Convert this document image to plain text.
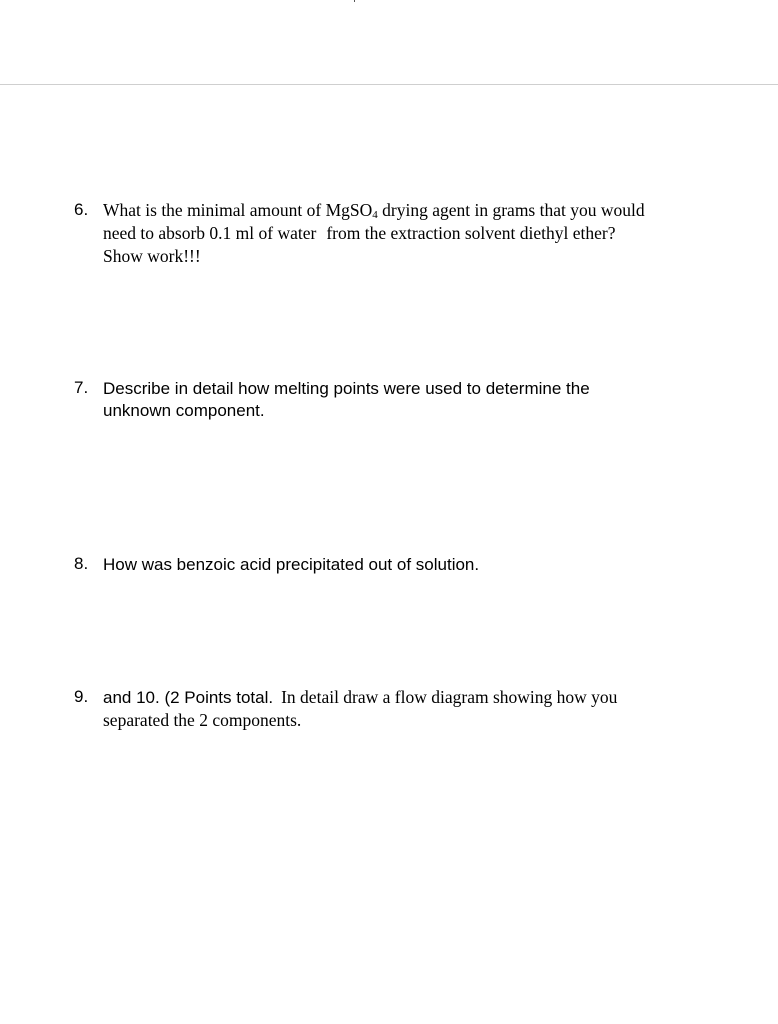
6. What is the minimal amount of MgSO$_4$ drying agent in grams that you would
need to absorb 0.1 ml of water from the extraction solvent diethyl ether?
Show work!!!
7. Describe in detail how melting points were used to determine the
unknown component.
8. How was benzoic acid precipitated out of solution.
9. and 10. (2 Points total. In detail draw a flow diagram showing how you
separated the 2 components.
